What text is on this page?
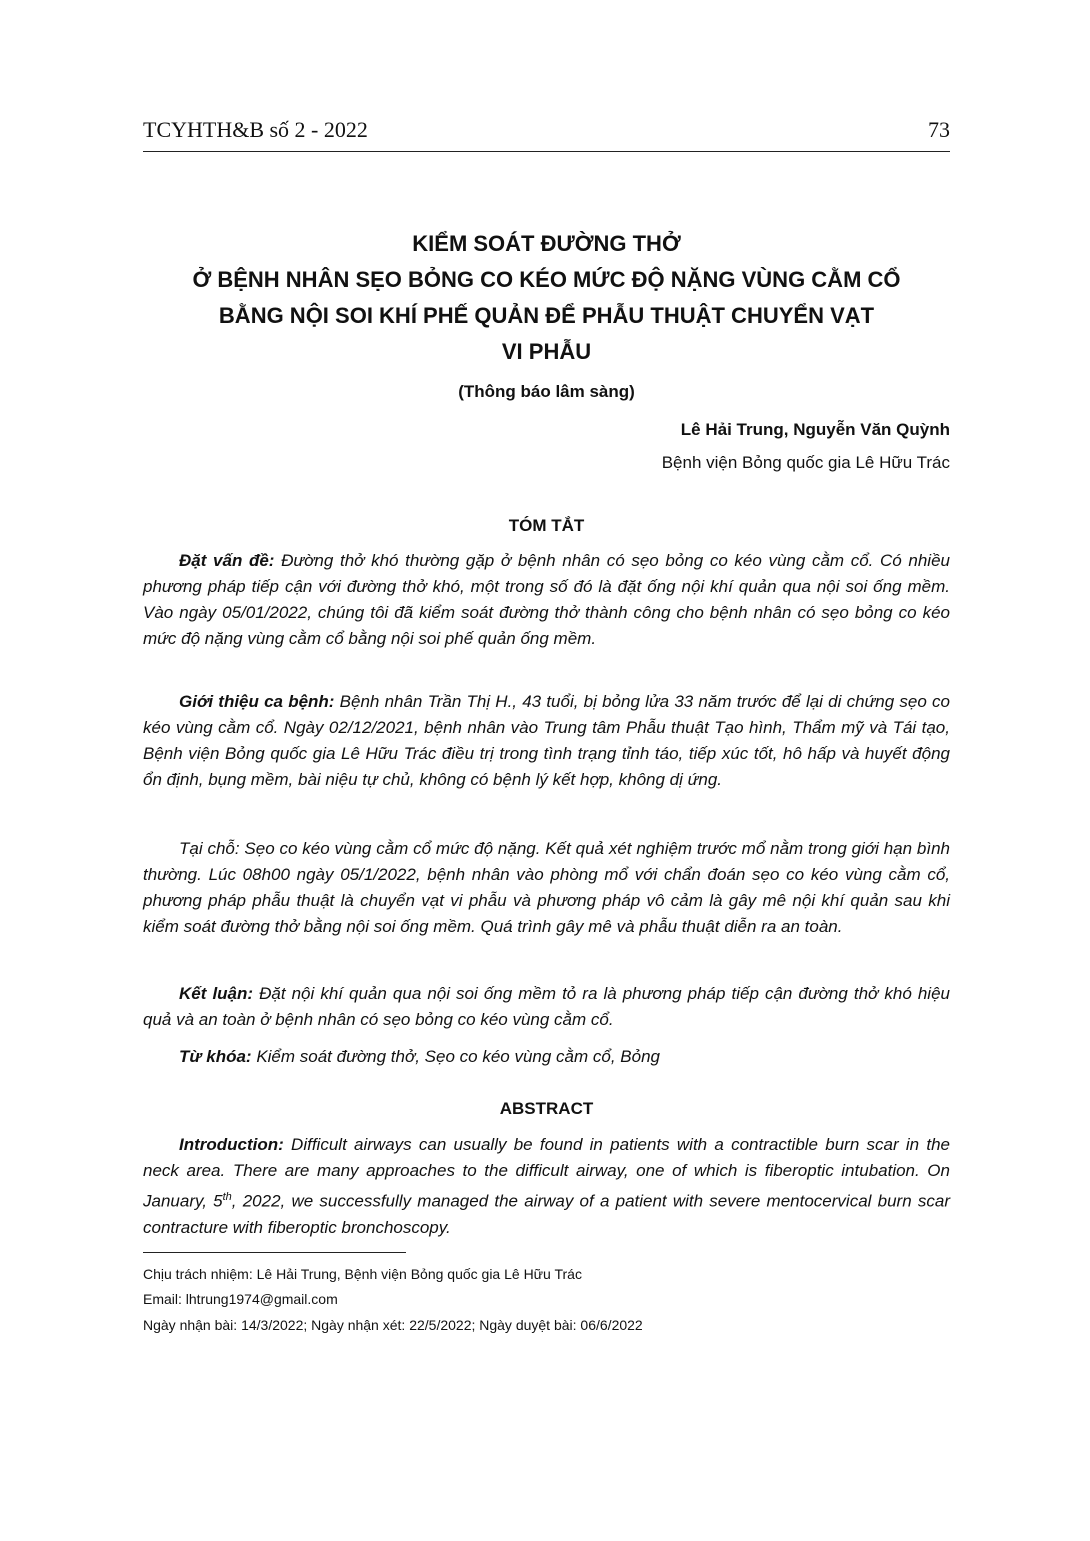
TCYHTH&B số 2 - 2022	73
KIỂM SOÁT ĐƯỜNG THỞ
Ở BỆNH NHÂN SẸO BỎNG CO KÉO MỨC ĐỘ NẶNG VÙNG CẰM CỔ
BẰNG NỘI SOI KHÍ PHẾ QUẢN ĐỂ PHẪU THUẬT CHUYỂN VẠT
VI PHẪU
(Thông báo lâm sàng)
Lê Hải Trung, Nguyễn Văn Quỳnh
Bệnh viện Bỏng quốc gia Lê Hữu Trác
TÓM TẮT

Đặt vấn đề: Đường thở khó thường gặp ở bệnh nhân có sẹo bỏng co kéo vùng cằm cổ. Có nhiều phương pháp tiếp cận với đường thở khó, một trong số đó là đặt ống nội khí quản qua nội soi ống mềm. Vào ngày 05/01/2022, chúng tôi đã kiểm soát đường thở thành công cho bệnh nhân có sẹo bỏng co kéo mức độ nặng vùng cằm cổ bằng nội soi phế quản ống mềm.

Giới thiệu ca bệnh: Bệnh nhân Trần Thị H., 43 tuổi, bị bỏng lửa 33 năm trước để lại di chứng sẹo co kéo vùng cằm cổ. Ngày 02/12/2021, bệnh nhân vào Trung tâm Phẫu thuật Tạo hình, Thẩm mỹ và Tái tạo, Bệnh viện Bỏng quốc gia Lê Hữu Trác điều trị trong tình trạng tỉnh táo, tiếp xúc tốt, hô hấp và huyết động ổn định, bụng mềm, bài niệu tự chủ, không có bệnh lý kết hợp, không dị ứng.

Tại chỗ: Sẹo co kéo vùng cằm cổ mức độ nặng. Kết quả xét nghiệm trước mổ nằm trong giới hạn bình thường. Lúc 08h00 ngày 05/1/2022, bệnh nhân vào phòng mổ với chẩn đoán sẹo co kéo vùng cằm cổ, phương pháp phẫu thuật là chuyển vạt vi phẫu và phương pháp vô cảm là gây mê nội khí quản sau khi kiểm soát đường thở bằng nội soi ống mềm. Quá trình gây mê và phẫu thuật diễn ra an toàn.

Kết luận: Đặt nội khí quản qua nội soi ống mềm tỏ ra là phương pháp tiếp cận đường thở khó hiệu quả và an toàn ở bệnh nhân có sẹo bỏng co kéo vùng cằm cổ.

Từ khóa: Kiểm soát đường thở, Sẹo co kéo vùng cằm cổ, Bỏng

ABSTRACT

Introduction: Difficult airways can usually be found in patients with a contractible burn scar in the neck area. There are many approaches to the difficult airway, one of which is fiberoptic intubation. On January, 5th, 2022, we successfully managed the airway of a patient with severe mentocervical burn scar contracture with fiberoptic bronchoscopy.

Chịu trách nhiệm: Lê Hải Trung, Bệnh viện Bỏng quốc gia Lê Hữu Trác
Email: lhtrung1974@gmail.com
Ngày nhận bài: 14/3/2022; Ngày nhận xét: 22/5/2022; Ngày duyệt bài: 06/6/2022
